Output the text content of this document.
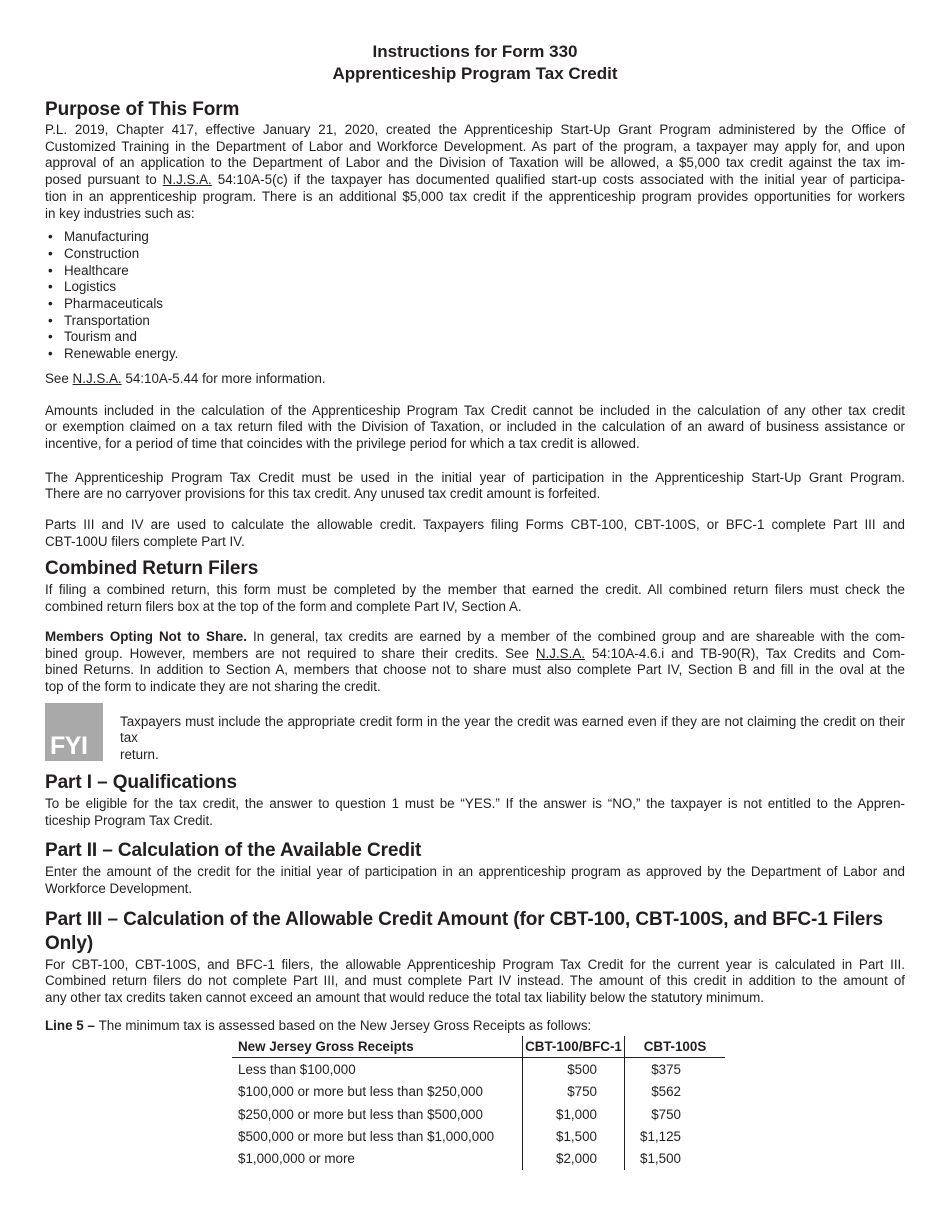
Instructions for Form 330
Apprenticeship Program Tax Credit
Purpose of This Form
P.L. 2019, Chapter 417, effective January 21, 2020, created the Apprenticeship Start-Up Grant Program administered by the Office of
Customized Training in the Department of Labor and Workforce Development. As part of the program, a taxpayer may apply for, and upon
approval of an application to the Department of Labor and the Division of Taxation will be allowed, a $5,000 tax credit against the tax im-
posed pursuant to N.J.S.A. 54:10A-5(c) if the taxpayer has documented qualified start-up costs associated with the initial year of participa-
tion in an apprenticeship program. There is an additional $5,000 tax credit if the apprenticeship program provides opportunities for workers
in key industries such as:
• Manufacturing
• Construction
• Healthcare
• Logistics
• Pharmaceuticals
• Transportation
• Tourism and
• Renewable energy.
See N.J.S.A. 54:10A-5.44 for more information.
Amounts included in the calculation of the Apprenticeship Program Tax Credit cannot be included in the calculation of any other tax credit
or exemption claimed on a tax return filed with the Division of Taxation, or included in the calculation of an award of business assistance or
incentive, for a period of time that coincides with the privilege period for which a tax credit is allowed.
The Apprenticeship Program Tax Credit must be used in the initial year of participation in the Apprenticeship Start-Up Grant Program.
There are no carryover provisions for this tax credit. Any unused tax credit amount is forfeited.
Parts III and IV are used to calculate the allowable credit. Taxpayers filing Forms CBT-100, CBT-100S, or BFC-1 complete Part III and
CBT-100U filers complete Part IV.
Combined Return Filers
If filing a combined return, this form must be completed by the member that earned the credit. All combined return filers must check the
combined return filers box at the top of the form and complete Part IV, Section A.
Members Opting Not to Share. In general, tax credits are earned by a member of the combined group and are shareable with the com-
bined group. However, members are not required to share their credits. See N.J.S.A. 54:10A-4.6.i and TB-90(R), Tax Credits and Com-
bined Returns. In addition to Section A, members that choose not to share must also complete Part IV, Section B and fill in the oval at the
top of the form to indicate they are not sharing the credit.
FYI
Taxpayers must include the appropriate credit form in the year the credit was earned even if they are not claiming the credit on their tax
return.
Part I – Qualifications
To be eligible for the tax credit, the answer to question 1 must be “YES.” If the answer is “NO,” the taxpayer is not entitled to the Appren-
ticeship Program Tax Credit.
Part II – Calculation of the Available Credit
Enter the amount of the credit for the initial year of participation in an apprenticeship program as approved by the Department of Labor and
Workforce Development.
Part III – Calculation of the Allowable Credit Amount (for CBT-100, CBT-100S, and BFC-1 Filers
Only)
For CBT-100, CBT-100S, and BFC-1 filers, the allowable Apprenticeship Program Tax Credit for the current year is calculated in Part III.
Combined return filers do not complete Part III, and must complete Part IV instead. The amount of this credit in addition to the amount of
any other tax credits taken cannot exceed an amount that would reduce the total tax liability below the statutory minimum.
Line 5 – The minimum tax is assessed based on the New Jersey Gross Receipts as follows:
New Jersey Gross Receipts	CBT-100/BFC-1	CBT-100S
Less than $100,000	$500	$375
$100,000 or more but less than $250,000	$750	$562
$250,000 or more but less than $500,000	$1,000	$750
$500,000 or more but less than $1,000,000	$1,500	$1,125
$1,000,000 or more	$2,000	$1,500
